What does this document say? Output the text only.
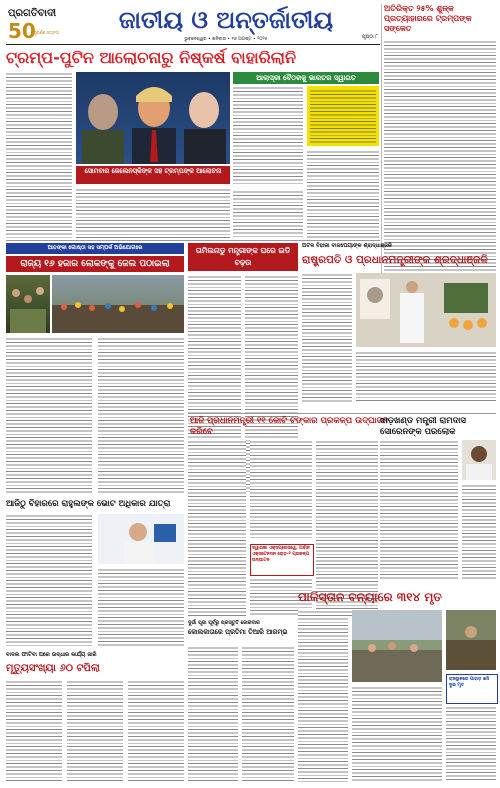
ପ୍ରଗତିବାଦୀ
50
ସୁବର୍ଣ୍ଣ ଜୟନ୍ତୀ	ଜାତୀୟ ଓ ଅନ୍ତର୍ଜାତୀୟ
ଭୁବନେଶ୍ୱର • ଶନିବାର • ୧୬ ଅଗଷ୍ଟ • ୨୦୨୫	ପୃଷ୍ଠା ୮
ଅତିରିକ୍ତ ୨୫% ଶୁଳ୍କ ପ୍ରତ୍ୟାହାରରେ ଟ୍ରମ୍ପଙ୍କ ସଙ୍କେତ
ଟ୍ରମ୍ପ-ପୁଟିନ ଆଲୋଚନାରୁ ନିଷ୍କର୍ଷ ବାହାରିଲାନି
ସୋମବାର ଜେଲେନସ୍କିଙ୍କ ସହ ଟ୍ରମ୍ପଙ୍କ ଆଲୋଚନା
ଆଲାସ୍କା ବୈଠକକୁ ଭାରତର ସ୍ୱାଗତ
ଆତଙ୍କୀ ଗୋଷ୍ଠୀ ସହ ସମ୍ପର୍କ ଅଭିଯୋଗରେ
ରାଜ୍ୟ ୧୬ ହଜାର ଲୋକଙ୍କୁ ଜେଲ ପଠାଇଲା
ତାମିଲନାଡୁ ମନ୍ତ୍ରୀଙ୍କ ଘରେ ଇଡି ଚଢ଼ଉ
ଅଟଳ ବିହାରୀ ବାଜପେୟୀଙ୍କ ଶ୍ରାଦ୍ଧାଞ୍ଜଳି
ରାଷ୍ଟ୍ରପତି ଓ ପ୍ରଧାନମନ୍ତ୍ରୀଙ୍କ ଶ୍ରଦ୍ଧାଞ୍ଜଳି
ଆଜି ପ୍ରଧାନମନ୍ତ୍ରୀ ୧୧ କୋଟି ଟଙ୍କାର ପ୍ରକଳ୍ପ ଉଦ୍‌ଘାଟନ କରିବେ
ଦ୍ୱାରକା ଏକ୍ସପ୍ରେସୱେ, ଅର୍ବାନ ଏକ୍ସଟେନସନ ରୋଡ଼-୨ ପ୍ରକଳ୍ପ ଉଦ୍‌ଘାଟନ
ଝାଡ଼ଖଣ୍ଡ ମନ୍ତ୍ରୀ ରାମଦାସ ସୋରେନଙ୍କ ପରଲୋକ
ଆଜିଠୁ ବିହାରରେ ରାହୁଲଙ୍କ ଭୋଟ ଅଧିକାର ଯାତ୍ରା
ବାଦଲ ଫାଟିବା ପରେ ଉଦ୍ଧାର କାର୍ଯ୍ୟ ଜାରି
ମୃତ୍ୟୁସଂଖ୍ୟା ୬୦ ଟପିଲା
ଦୁର୍ଗା ପୂଜା ପୂର୍ବରୁ ପ୍ରସ୍ତୁତି ଜୋରଦାର
କୋଲକାତାରେ ପ୍ରତିମା ତିଆରି ଆରମ୍ଭ
ପାକିସ୍ତାନ ବନ୍ୟାରେ ୩୧୪ ମୃତ
ରାଜସ୍ଥାନରେ ପାହାଡ଼ ଖସି ଦୁଇ ମୃତ
